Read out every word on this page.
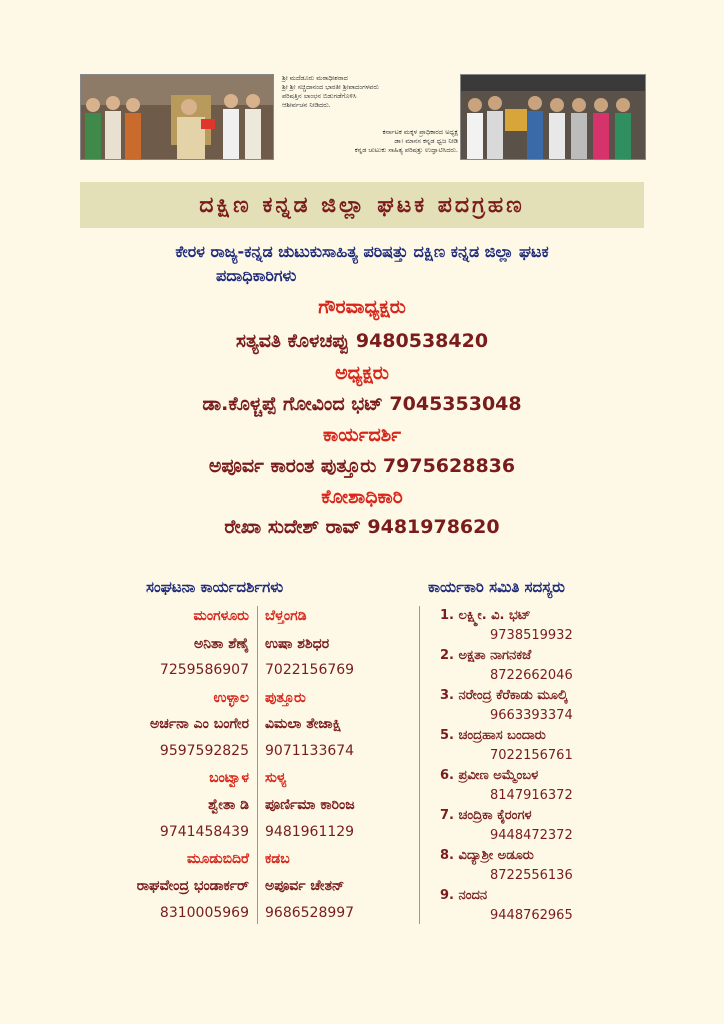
ಶ್ರೀ ಮದೆಡೂರು ಮಠಾಧೀಶರಾದ
ಶ್ರೀ ಶ್ರೀ ಸಚ್ಚಿದಾನಂದ ಭಾರತೀ ಶ್ರೀಪಾದಂಗಳವರು
ಪರಿಷತ್ತಿನ ಲಾಂಛನ ಬಿಡುಗಡೆಗೊಳಿಸಿ
ಆಶೀರ್ವಚನ ನೀಡಿದರು.
ಕರ್ನಾಟಕ ಮಕ್ಕಳ ಪ್ರಾಧಿಕಾರದ ಅಧ್ಯಕ್ಷ
ಡಾ। ಮಾನಸ ಕನ್ನಡ ಧ್ವಜ ನೀಡಿ
ಕನ್ನಡ ಚುಟುಕು ಸಾಹಿತ್ಯ ಪರಿಷತ್ತು ಉದ್ಘಾಟಿಸಿದರು.
ದಕ್ಷಿಣ ಕನ್ನಡ ಜಿಲ್ಲಾ ಘಟಕ ಪದಗ್ರಹಣ
ಕೇರಳ ರಾಜ್ಯ-ಕನ್ನಡ ಚುಟುಕುಸಾಹಿತ್ಯ ಪರಿಷತ್ತು ದಕ್ಷಿಣ ಕನ್ನಡ ಜಿಲ್ಲಾ ಘಟಕ
ಪದಾಧಿಕಾರಿಗಳು
ಗೌರವಾಧ್ಯಕ್ಷರು
ಸತ್ಯವತಿ ಕೊಳಚಪ್ಪು 9480538420
ಅಧ್ಯಕ್ಷರು
ಡಾ.ಕೊಳ್ಚಪ್ಪೆ ಗೋವಿಂದ ಭಟ್ 7045353048
ಕಾರ್ಯದರ್ಶಿ
ಅಪೂರ್ವ ಕಾರಂತ ಪುತ್ತೂರು 7975628836
ಕೋಶಾಧಿಕಾರಿ
ರೇಖಾ ಸುದೇಶ್ ರಾವ್ 9481978620
ಸಂಘಟನಾ ಕಾರ್ಯದರ್ಶಿಗಳು	ಕಾರ್ಯಕಾರಿ ಸಮಿತಿ ಸದಸ್ಯರು
ಮಂಗಳೂರು
ಅನಿತಾ ಶೆಣೈ
7259586907
ಉಳ್ಳಾಲ
ಅರ್ಚನಾ ಎಂ ಬಂಗೇರ
9597592825
ಬಂಟ್ವಾಳ
ಶ್ವೇತಾ ಡಿ
9741458439
ಮೂಡುಬಿದಿರೆ
ರಾಘವೇಂದ್ರ ಭಂಡಾರ್ಕರ್
8310005969
ಬೆಳ್ತಂಗಡಿ
ಉಷಾ ಶಶಿಧರ
7022156769
ಪುತ್ತೂರು
ವಿಮಲಾ ತೇಜಾಕ್ಷಿ
9071133674
ಸುಳ್ಯ
ಪೂರ್ಣಿಮಾ ಕಾರಿಂಜ
9481961129
ಕಡಬ
ಅಪೂರ್ವ ಚೇತನ್
9686528997
1. ಲಕ್ಷ್ಮೀ. ವಿ. ಭಟ್
9738519932
2. ಅಕ್ಷತಾ ನಾಗನಕಜೆ
8722662046
3. ನರೇಂದ್ರ ಕೆರೆಕಾಡು ಮೂಲ್ಕಿ
9663393374
5. ಚಂದ್ರಹಾಸ ಬಂದಾರು
7022156761
6. ಪ್ರವೀಣ ಅಮ್ಮೆಂಬಳ
8147916372
7. ಚಂದ್ರಿಕಾ ಕೈರಂಗಳ
9448472372
8. ವಿದ್ಯಾಶ್ರೀ ಅಡೂರು
8722556136
9. ನಂದನ
9448762965
